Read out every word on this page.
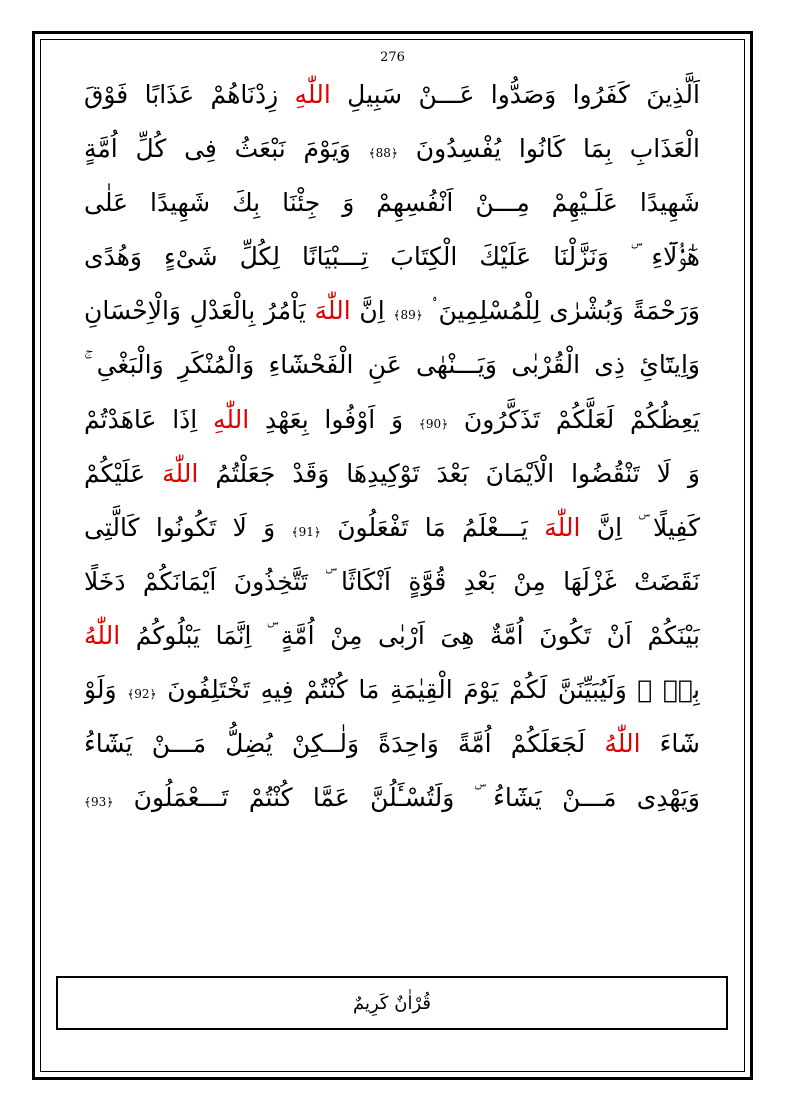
276
اَلَّذِينَ كَفَرُوا وَصَدُّوا عَـــنْ سَبِيلِ اللّٰهِ زِدْنَاهُمْ عَذَابًا فَوْقَ
الْعَذَابِ بِمَا كَانُوا يُفْسِدُونَ ﴿88﴾ وَيَوْمَ نَبْعَثُ فِى كُلِّ اُمَّةٍ
شَهِيدًا عَلَـيْهِمْ مِـــنْ اَنْفُسِهِمْ وَ جِئْنَا بِكَ شَهِيدًا عَلٰى
هٰٓؤُ۬لَٓاءِ ۜ وَنَزَّلْنَا عَلَيْكَ الْكِتَابَ تِـــبْيَانًا لِكُلِّ شَیْءٍ وَهُدًى
وَرَحْمَةً وَبُشْرٰى لِلْمُسْلِمِينَ ۟ ﴿89﴾ اِنَّ اللّٰهَ يَاْمُرُ بِالْعَدْلِ وَالْاِحْسَانِ
وَاِيتَٓائِ ذِى الْقُرْبٰى وَيَـــنْهٰى عَنِ الْفَحْشَٓاءِ وَالْمُنْكَرِ وَالْبَغْىِ ۚ
يَعِظُكُمْ لَعَلَّكُمْ تَذَكَّرُونَ ﴿90﴾ وَ اَوْفُوا بِعَهْدِ اللّٰهِ اِذَا عَاهَدْتُمْ
وَ لَا تَنْقُضُوا الْاَيْمَانَ بَعْدَ تَوْكِيدِهَا وَقَدْ جَعَلْتُمُ اللّٰهَ عَلَيْكُمْ
كَفِيلًا ۜ اِنَّ اللّٰهَ يَـــعْلَمُ مَا تَفْعَلُونَ ﴿91﴾ وَ لَا تَكُونُوا كَالَّتِى
نَقَضَتْ غَزْلَهَا مِنْ بَعْدِ قُوَّةٍ اَنْكَاثًا ۜ تَتَّخِذُونَ اَيْمَانَكُمْ دَخَلًا
بَيْنَكُمْ اَنْ تَكُونَ اُمَّةٌ هِىَ اَرْبٰى مِنْ اُمَّةٍ ۜ اِنَّمَا يَبْلُوكُمُ اللّٰهُ
بِهٖ ۜ وَلَيُبَيِّنَنَّ لَكُمْ يَوْمَ الْقِيٰمَةِ مَا كُنْتُمْ فِيهِ تَخْتَلِفُونَ ﴿92﴾ وَلَوْ
شَٓاءَ اللّٰهُ لَجَعَلَكُمْ اُمَّةً وَاحِدَةً وَلٰــكِنْ يُضِلُّ مَـــنْ يَشَٓاءُ
وَيَهْدِى مَـــنْ يَشَٓاءُ ۜ وَلَتُسْـَٔلُنَّ عَمَّا كُنْتُمْ تَـــعْمَلُونَ ﴿93﴾
قُرْاٰنٌ كَرِيمٌ
